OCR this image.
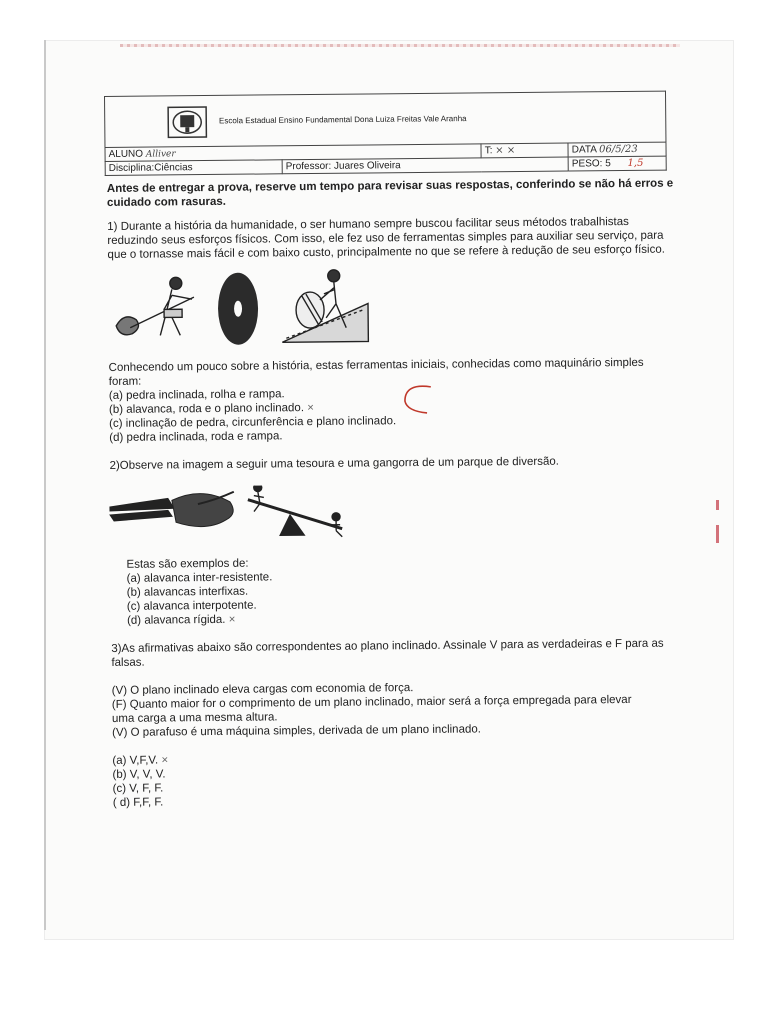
Escola Estadual Ensino Fundamental Dona Luiza Freitas Vale Aranha			
ALUNO Alliver		T: × ×	DATA 06/5/23
Disciplina:Ciências	Professor: Juares Oliveira		PESO: 5 1,5
Antes de entregar a prova, reserve um tempo para revisar suas respostas, conferindo se não há erros e cuidado com rasuras.
1) Durante a história da humanidade, o ser humano sempre buscou facilitar seus métodos trabalhistas reduzindo seus esforços físicos. Com isso, ele fez uso de ferramentas simples para auxiliar seu serviço, para que o tornasse mais fácil e com baixo custo, principalmente no que se refere à redução de seu esforço físico.
Conhecendo um pouco sobre a história, estas ferramentas iniciais, conhecidas como maquinário simples foram:
(a) pedra inclinada, rolha e rampa.
(b) alavanca, roda e o plano inclinado. ×
(c) inclinação de pedra, circunferência e plano inclinado.
(d) pedra inclinada, roda e rampa.
2)Observe na imagem a seguir uma tesoura e uma gangorra de um parque de diversão.
Estas são exemplos de:
(a) alavanca inter-resistente.
(b) alavancas interfixas.
(c) alavanca interpotente.
(d) alavanca rígida. ×
3)As afirmativas abaixo são correspondentes ao plano inclinado. Assinale V para as verdadeiras e F para as falsas.
(V) O plano inclinado eleva cargas com economia de força.
(F) Quanto maior for o comprimento de um plano inclinado, maior será a força empregada para elevar uma carga a uma mesma altura.
(V) O parafuso é uma máquina simples, derivada de um plano inclinado.
(a) V,F,V. ×
(b) V, V, V.
(c) V, F, F.
( d) F,F, F.
